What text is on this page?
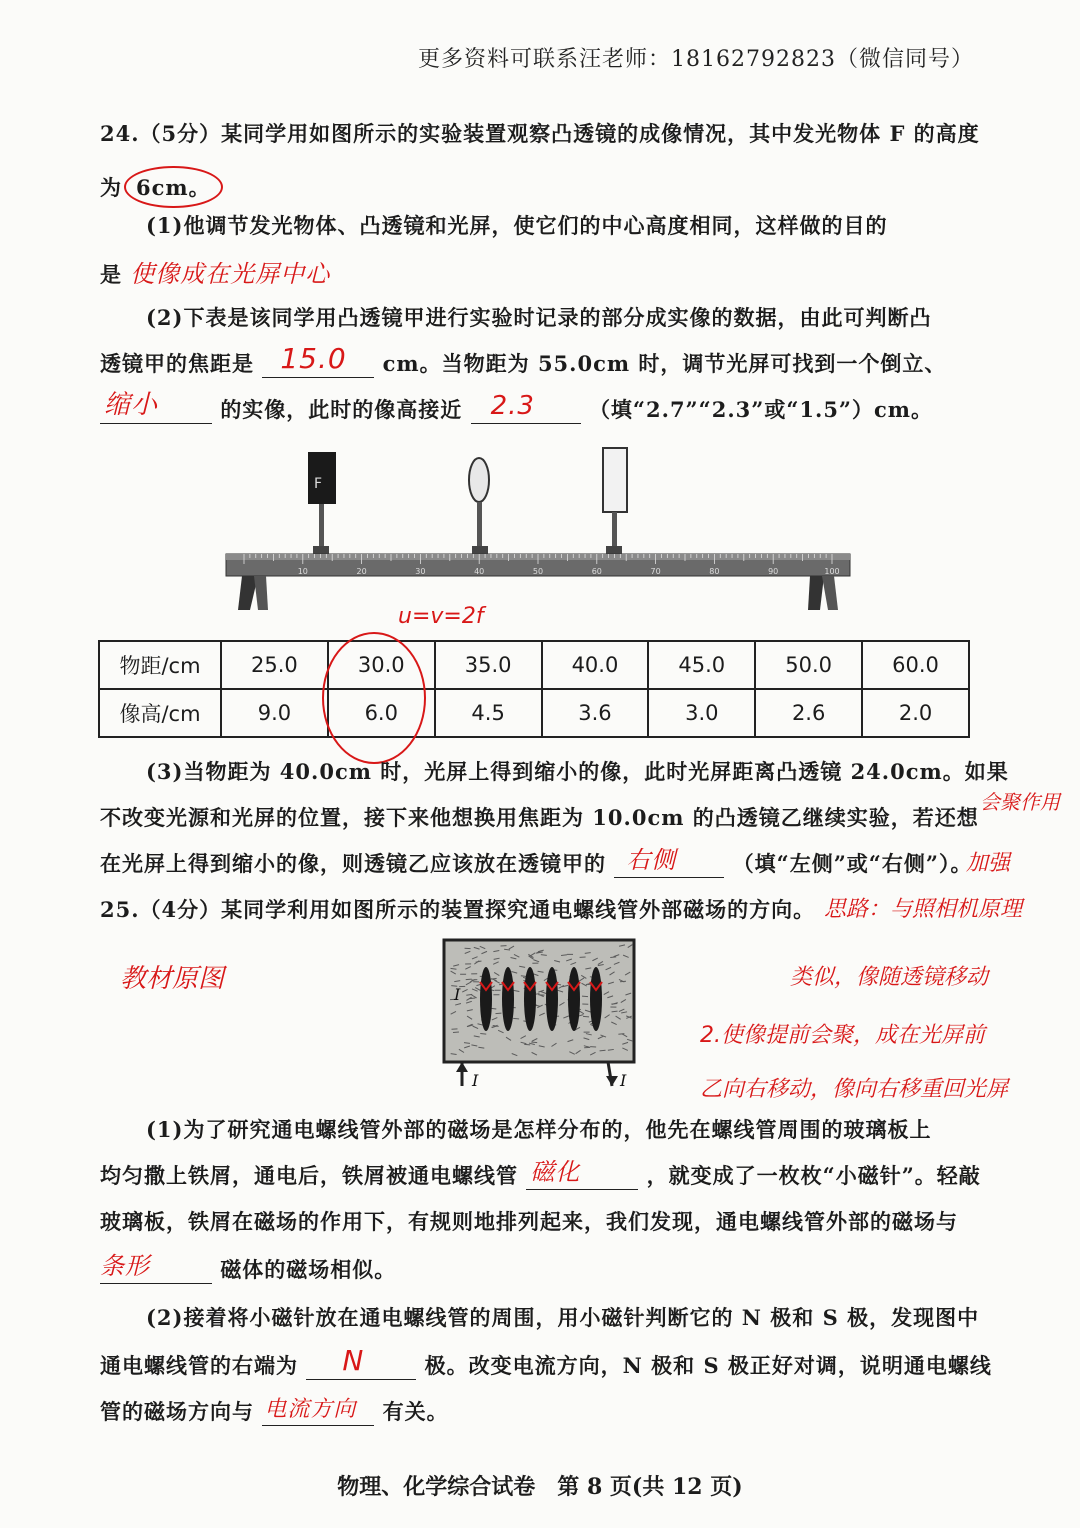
更多资料可联系汪老师：18162792823（微信同号）
24.（5分）某同学用如图所示的实验装置观察凸透镜的成像情况，其中发光物体 F 的高度
为 6cm。
(1)他调节发光物体、凸透镜和光屏，使它们的中心高度相同，这样做的目的
是 使像成在光屏中心
(2)下表是该同学用凸透镜甲进行实验时记录的部分成实像的数据，由此可判断凸
透镜甲的焦距是 15.0 cm。当物距为 55.0cm 时，调节光屏可找到一个倒立、
缩小	的实像，此时的像高接近 2.3	（填“2.7”“2.3”或“1.5”）cm。
F
10	20	30	40	50	60	70	80	90	100
u=v=2f
物距/cm	25.0	30.0	35.0	40.0	45.0	50.0	60.0
像高/cm	9.0	6.0	4.5	3.6	3.0	2.6	2.0
(3)当物距为 40.0cm 时，光屏上得到缩小的像，此时光屏距离凸透镜 24.0cm。如果
不改变光源和光屏的位置，接下来他想换用焦距为 10.0cm 的凸透镜乙继续实验，若还想
在光屏上得到缩小的像，则透镜乙应该放在透镜甲的 右侧	（填“左侧”或“右侧”）。
会聚作用
加强
25.（4分）某同学利用如图所示的装置探究通电螺线管外部磁场的方向。
教材原图
思路：与照相机原理
类似，像随透镜移动
2.使像提前会聚，成在光屏前
乙向右移动，像向右移重回光屏
I
I	I
(1)为了研究通电螺线管外部的磁场是怎样分布的，他先在螺线管周围的玻璃板上
均匀撒上铁屑，通电后，铁屑被通电螺线管 磁化	，就变成了一枚枚“小磁针”。轻敲
玻璃板，铁屑在磁场的作用下，有规则地排列起来，我们发现，通电螺线管外部的磁场与
条形	磁体的磁场相似。
(2)接着将小磁针放在通电螺线管的周围，用小磁针判断它的 N 极和 S 极，发现图中
通电螺线管的右端为 N	极。改变电流方向，N 极和 S 极正好对调，说明通电螺线
管的磁场方向与 电流方向 有关。
物理、化学综合试卷　第 8 页(共 12 页)
